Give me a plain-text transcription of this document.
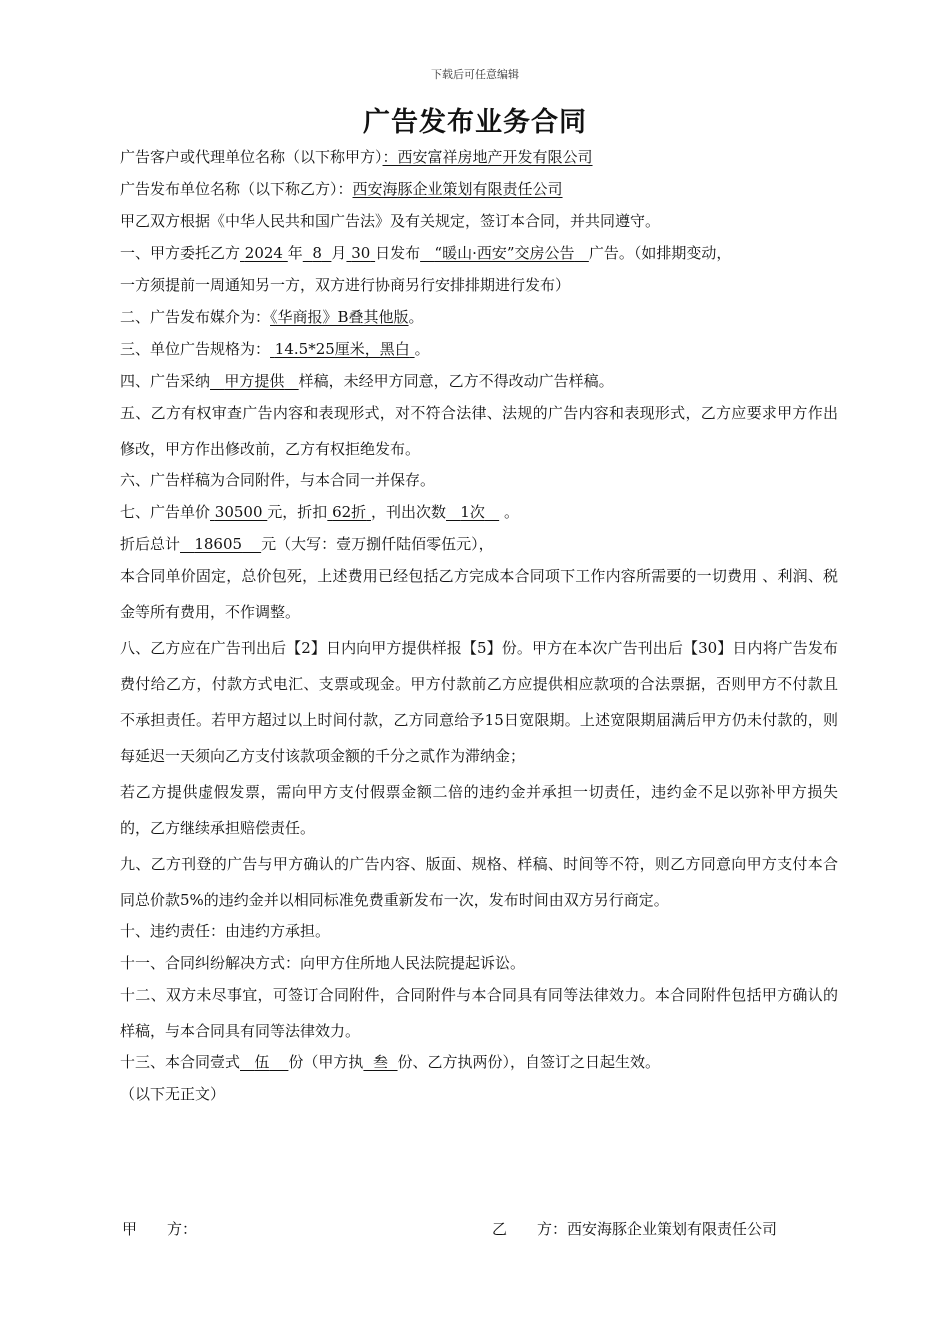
下载后可任意编辑
广告发布业务合同
广告客户或代理单位名称（以下称甲方）：西安富祥房地产开发有限公司
广告发布单位名称（以下称乙方）：西安海豚企业策划有限责任公司
甲乙双方根据《中华人民共和国广告法》及有关规定，签订本合同，并共同遵守。
一、甲方委托乙方 2024 年 8 月 30 日发布 “暖山·西安”交房公告 广告。（如排期变动，
一方须提前一周通知另一方，双方进行协商另行安排排期进行发布）
二、广告发布媒介为：《华商报》B叠其他版。
三、单位广告规格为： 14.5*25厘米，黑白 。
四、广告采纳 甲方提供 样稿，未经甲方同意，乙方不得改动广告样稿。
五、乙方有权审查广告内容和表现形式，对不符合法律、法规的广告内容和表现形式，乙方应要求甲方作出修改，甲方作出修改前，乙方有权拒绝发布。
六、广告样稿为合同附件，与本合同一并保存。
七、广告单价 30500 元，折扣 62折 ，刊出次数 1次 。
折后总计 18605 元（大写：壹万捌仟陆佰零伍元），
本合同单价固定，总价包死，上述费用已经包括乙方完成本合同项下工作内容所需要的一切费用 、利润、税金等所有费用，不作调整。
八、乙方应在广告刊出后【2】日内向甲方提供样报【5】份。甲方在本次广告刊出后【30】日内将广告发布费付给乙方，付款方式电汇、支票或现金。甲方付款前乙方应提供相应款项的合法票据，否则甲方不付款且不承担责任。若甲方超过以上时间付款，乙方同意给予15日宽限期。上述宽限期届满后甲方仍未付款的，则每延迟一天须向乙方支付该款项金额的千分之贰作为滞纳金；
若乙方提供虚假发票，需向甲方支付假票金额二倍的违约金并承担一切责任，违约金不足以弥补甲方损失的，乙方继续承担赔偿责任。
九、乙方刊登的广告与甲方确认的广告内容、版面、规格、样稿、时间等不符，则乙方同意向甲方支付本合同总价款5%的违约金并以相同标准免费重新发布一次，发布时间由双方另行商定。
十、违约责任：由违约方承担。
十一、合同纠纷解决方式：向甲方住所地人民法院提起诉讼。
十二、双方未尽事宜，可签订合同附件，合同附件与本合同具有同等法律效力。本合同附件包括甲方确认的样稿，与本合同具有同等法律效力。
十三、本合同壹式 伍 份（甲方执 叁 份、乙方执两份），自签订之日起生效。
（以下无正文）
甲　　方：	乙　　方：西安海豚企业策划有限责任公司
